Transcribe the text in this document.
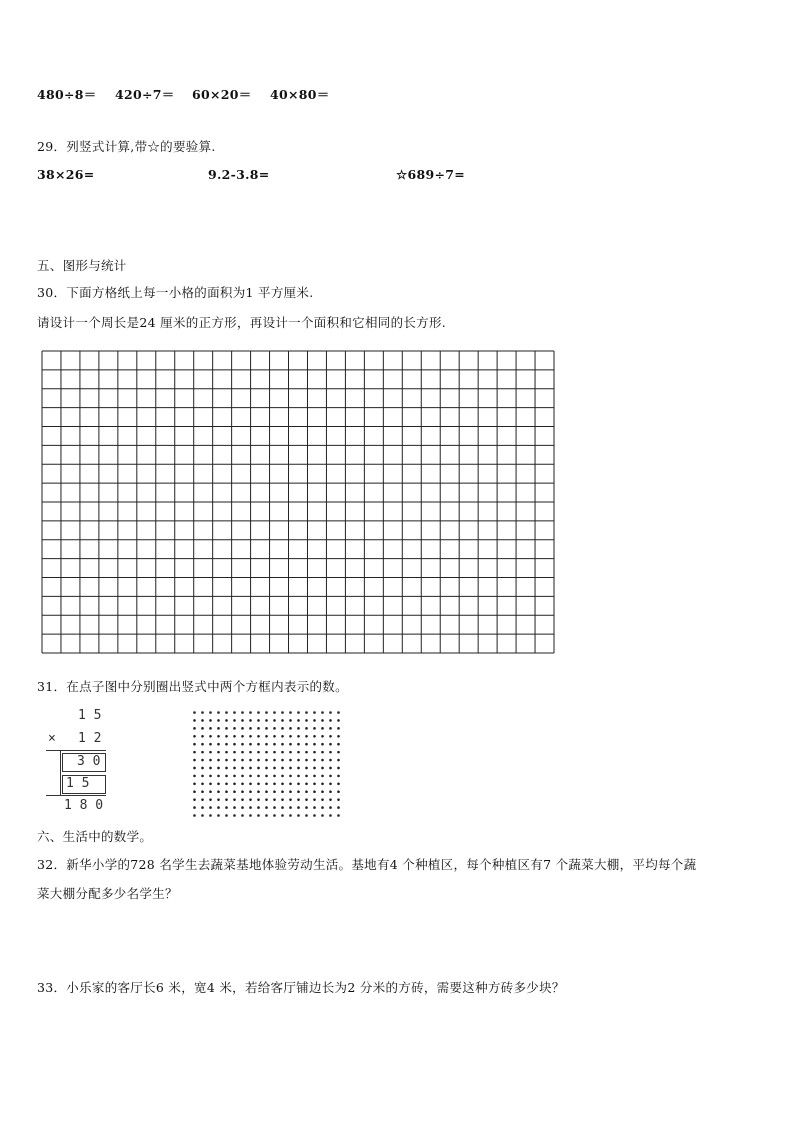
480÷8＝ 420÷7＝ 60×20＝ 40×80＝
29．列竖式计算,带☆的要验算.
38×26=	9.2-3.8=	☆689÷7=
五、图形与统计
30．下面方格纸上每一小格的面积为1 平方厘米.
请设计一个周长是24 厘米的正方形，再设计一个面积和它相同的长方形.
31．在点子图中分别圈出竖式中两个方框内表示的数。
1 5
× 1 2
3 0
1 5
1 8 0
六、生活中的数学。
32．新华小学的728 名学生去蔬菜基地体验劳动生活。基地有4 个种植区，每个种植区有7 个蔬菜大棚，平均每个蔬
菜大棚分配多少名学生？
33．小乐家的客厅长6 米，宽4 米，若给客厅铺边长为2 分米的方砖，需要这种方砖多少块？
